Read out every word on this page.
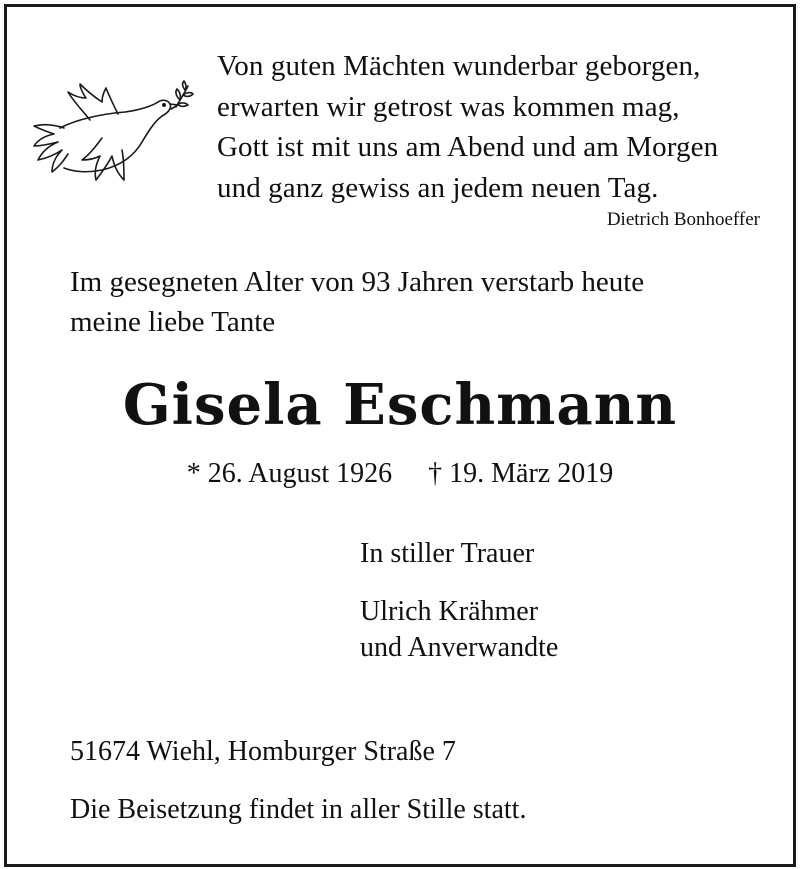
Von guten Mächten wunderbar geborgen,
erwarten wir getrost was kommen mag,
Gott ist mit uns am Abend und am Morgen
und ganz gewiss an jedem neuen Tag.
Dietrich Bonhoeffer
Im gesegneten Alter von 93 Jahren verstarb heute
meine liebe Tante
Gisela Eschmann
* 26. August 1926 † 19. März 2019
In stiller Trauer
Ulrich Krähmer
und Anverwandte
51674 Wiehl, Homburger Straße 7
Die Beisetzung findet in aller Stille statt.
